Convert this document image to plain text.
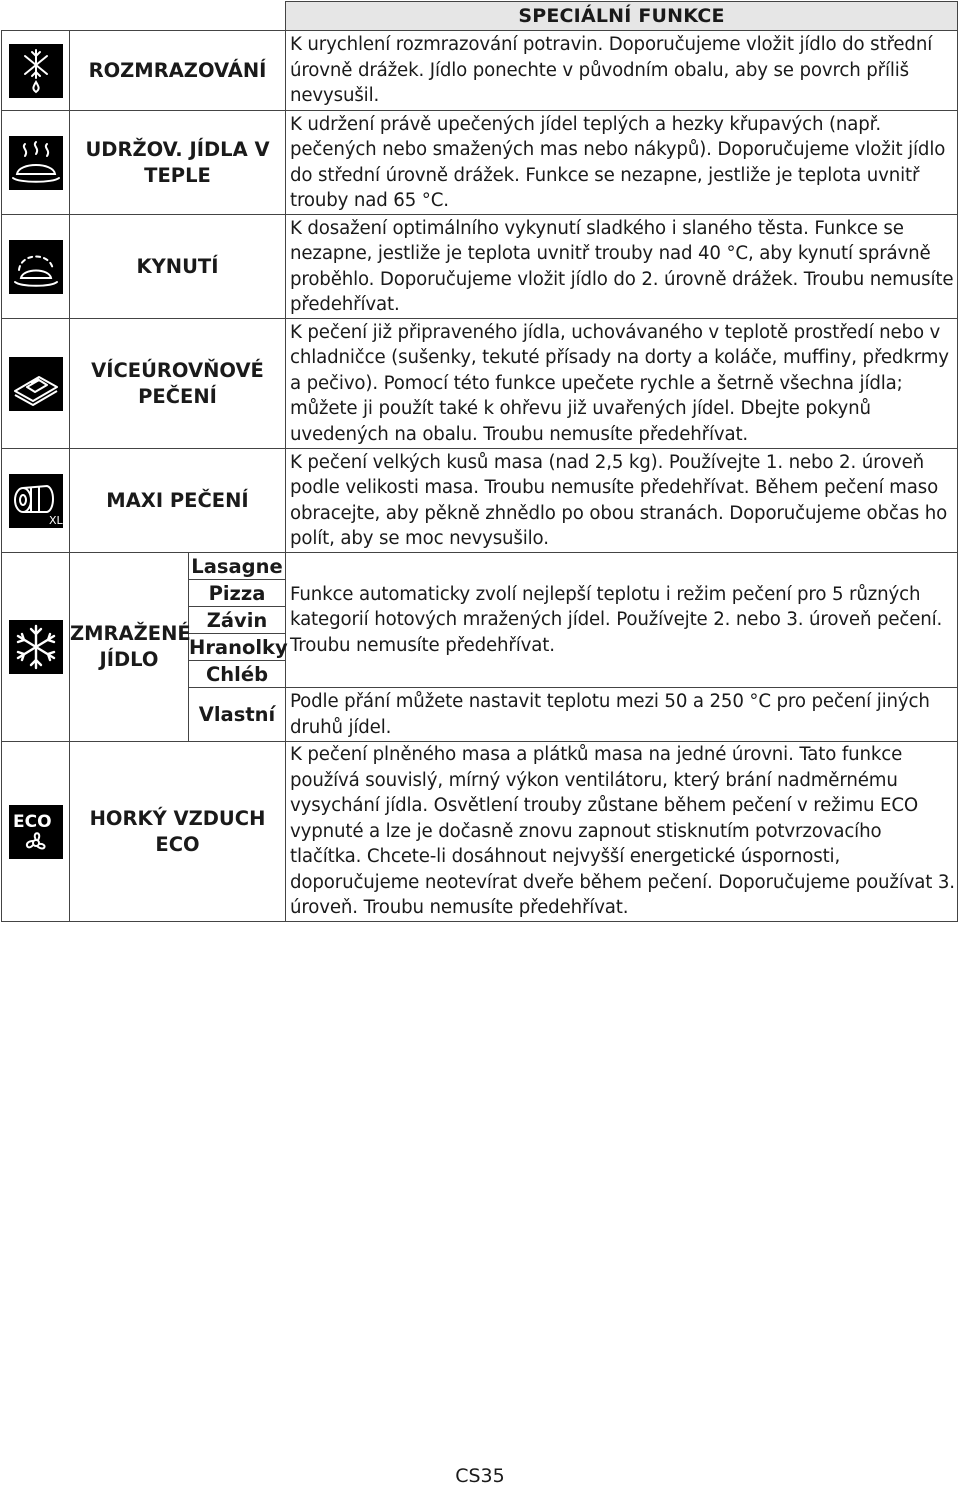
			SPECIÁLNÍ FUNKCE

	ROZMRAZOVÁNÍ		K urychlení rozmrazování potravin. Doporučujeme vložit jídlo do střední úrovně drážek. Jídlo ponechte v původním obalu, aby se povrch příliš nevysušil.

	UDRŽOV. JÍDLA V TEPLE		K udržení právě upečených jídel teplých a hezky křupavých (např. pečených nebo smažených mas nebo nákypů). Doporučujeme vložit jídlo do střední úrovně drážek. Funkce se nezapne, jestliže je teplota uvnitř trouby nad 65 °C.

	KYNUTÍ		K dosažení optimálního vykynutí sladkého i slaného těsta. Funkce se nezapne, jestliže je teplota uvnitř trouby nad 40 °C, aby kynutí správně proběhlo. Doporučujeme vložit jídlo do 2. úrovně drážek. Troubu nemusíte předehřívat.

	VÍCEÚROVŇOVÉ PEČENÍ		K pečení již připraveného jídla, uchovávaného v teplotě prostředí nebo v chladničce (sušenky, tekuté přísady na dorty a koláče, muffiny, předkrmy a pečivo). Pomocí této funkce upečete rychle a šetrně všechna jídla; můžete ji použít také k ohřevu již uvařených jídel. Dbejte pokynů uvedených na obalu. Troubu nemusíte předehřívat.

XL	MAXI PEČENÍ		K pečení velkých kusů masa (nad 2,5 kg). Používejte 1. nebo 2. úroveň podle velikosti masa. Troubu nemusíte předehřívat. Během pečení maso obracejte, aby pěkně zhnědlo po obou stranách. Doporučujeme občas ho polít, aby se moc nevysušilo.

	ZMRAŽENÉ JÍDLO	Lasagne	Funkce automaticky zvolí nejlepší teplotu i režim pečení pro 5 různých kategorií hotových mražených jídel. Používejte 2. nebo 3. úroveň pečení. Troubu nemusíte předehřívat.
		Pizza	
		Závin	
		Hranolky	
		Chléb	
		Vlastní	Podle přání můžete nastavit teplotu mezi 50 a 250 °C pro pečení jiných druhů jídel.

ECO	HORKÝ VZDUCH ECO		K pečení plněného masa a plátků masa na jedné úrovni. Tato funkce používá souvislý, mírný výkon ventilátoru, který brání nadměrnému vysychání jídla. Osvětlení trouby zůstane během pečení v režimu ECO vypnuté a lze je dočasně znovu zapnout stisknutím potvrzovacího tlačítka. Chcete-li dosáhnout nejvyšší energetické úspornosti, doporučujeme neotevírat dveře během pečení. Doporučujeme používat 3. úroveň. Troubu nemusíte předehřívat.
CS35
